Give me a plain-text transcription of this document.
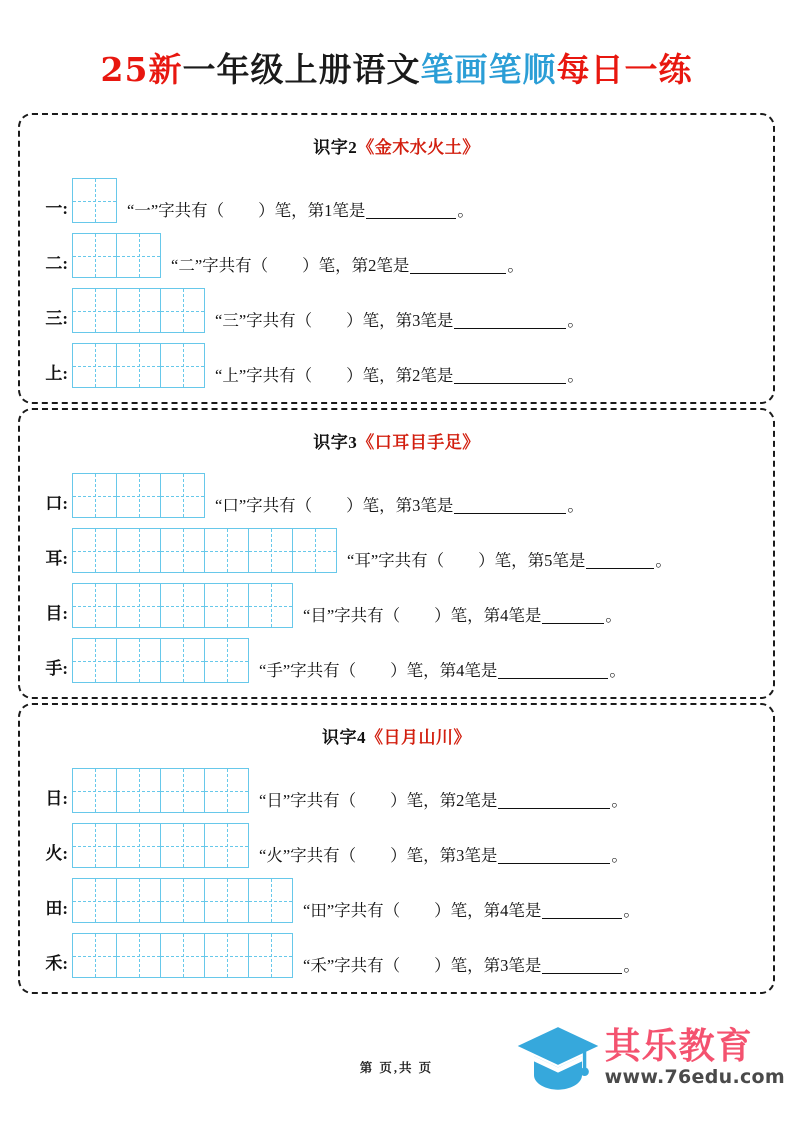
25新一年级上册语文笔画笔顺每日一练
识字2《金木水火土》
一:	“一”字共有（ ）笔，第1笔是	。
二:	“二”字共有（ ）笔，第2笔是	。
三:	“三”字共有（ ）笔，第3笔是	。
上:	“上”字共有（ ）笔，第2笔是	。
识字3《口耳目手足》
口:	“口”字共有（ ）笔，第3笔是	。
耳:	“耳”字共有（ ）笔，第5笔是	。
目:	“目”字共有（ ）笔，第4笔是	。
手:	“手”字共有（ ）笔，第4笔是	。
识字4《日月山川》
日:	“日”字共有（ ）笔，第2笔是	。
火:	“火”字共有（ ）笔，第3笔是	。
田:	“田”字共有（ ）笔，第4笔是	。
禾:	“禾”字共有（ ）笔，第3笔是	。
第 页,共 页
其乐教育
www.76edu.com
